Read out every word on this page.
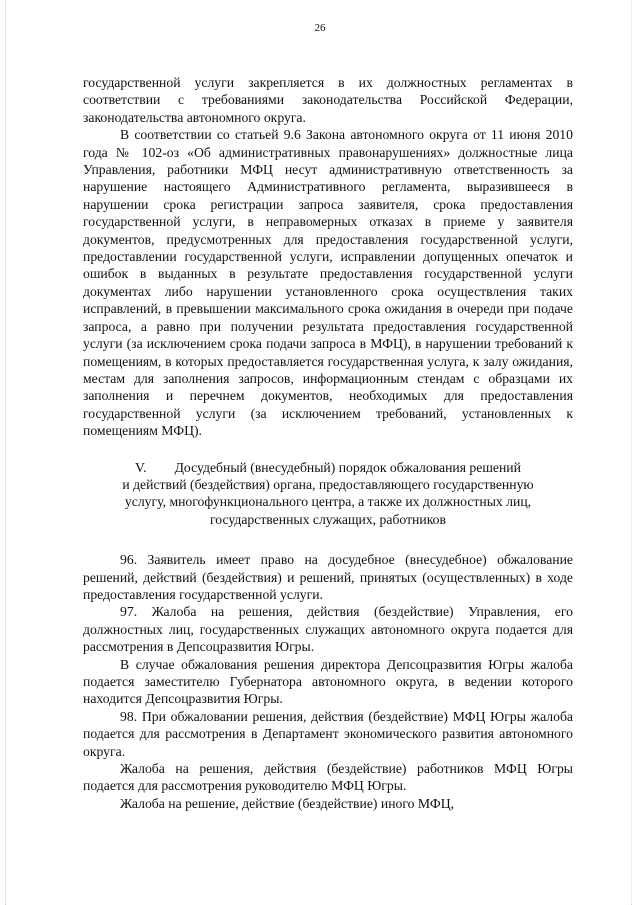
26

государственной услуги закрепляется в их должностных регламентах в соответствии с требованиями законодательства Российской Федерации, законодательства автономного округа.

В соответствии со статьей 9.6 Закона автономного округа от 11 июня 2010 года № 102-оз «Об административных правонарушениях» должностные лица Управления, работники МФЦ несут административную ответственность за нарушение настоящего Административного регламента, выразившееся в нарушении срока регистрации запроса заявителя, срока предоставления государственной услуги, в неправомерных отказах в приеме у заявителя документов, предусмотренных для предоставления государственной услуги, предоставлении государственной услуги, исправлении допущенных опечаток и ошибок в выданных в результате предоставления государственной услуги документах либо нарушении установленного срока осуществления таких исправлений, в превышении максимального срока ожидания в очереди при подаче запроса, а равно при получении результата предоставления государственной услуги (за исключением срока подачи запроса в МФЦ), в нарушении требований к помещениям, в которых предоставляется государственная услуга, к залу ожидания, местам для заполнения запросов, информационным стендам с образцами их заполнения и перечнем документов, необходимых для предоставления государственной услуги (за исключением требований, установленных к помещениям МФЦ).

V. Досудебный (внесудебный) порядок обжалования решений
и действий (бездействия) органа, предоставляющего государственную
услугу, многофункционального центра, а также их должностных лиц,
государственных служащих, работников

96. Заявитель имеет право на досудебное (внесудебное) обжалование решений, действий (бездействия) и решений, принятых (осуществленных) в ходе предоставления государственной услуги.

97. Жалоба на решения, действия (бездействие) Управления, его должностных лиц, государственных служащих автономного округа подается для рассмотрения в Депсоцразвития Югры.

В случае обжалования решения директора Депсоцразвития Югры жалоба подается заместителю Губернатора автономного округа, в ведении которого находится Депсоцразвития Югры.

98. При обжаловании решения, действия (бездействие) МФЦ Югры жалоба подается для рассмотрения в Департамент экономического развития автономного округа.

Жалоба на решения, действия (бездействие) работников МФЦ Югры подается для рассмотрения руководителю МФЦ Югры.

Жалоба на решение, действие (бездействие) иного МФЦ,
